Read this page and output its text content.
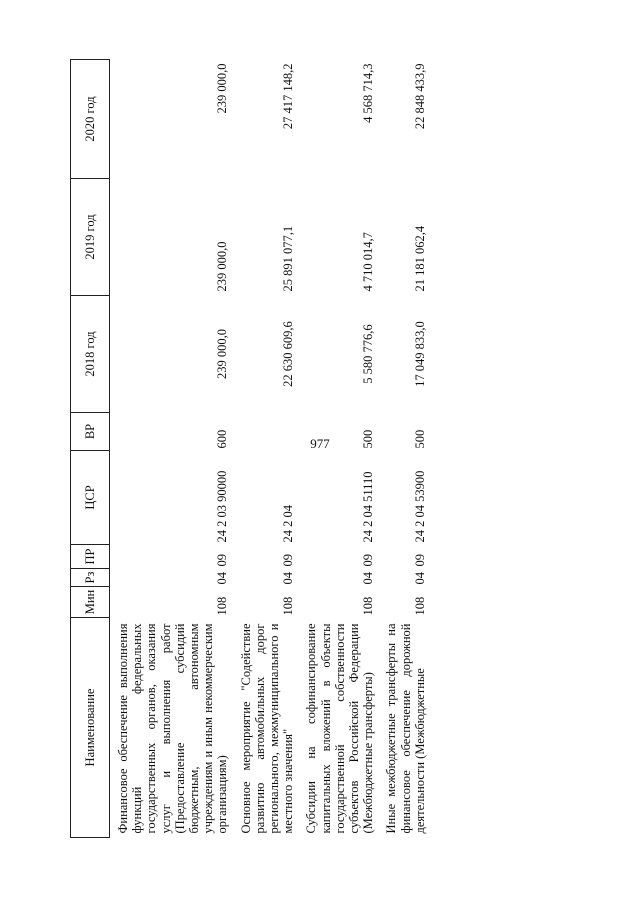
977
Наименование	Мин	Рз	ПР	ЦСР	ВР	2018 год	2019 год	2020 год
Финансовое обеспечение выполнения функций федеральных государственных органов, оказания услуг и выполнения работ (Предоставление субсидий бюджетным, автономным учреждениям и иным некоммерческим организациям)	108	04	09	24 2 03 90000	600	239 000,0	239 000,0	239 000,0
Основное мероприятие "Содействие развитию автомобильных дорог регионального, межмуниципального и местного значения"	108	04	09	24 2 04		22 630 609,6	25 891 077,1	27 417 148,2
Субсидии на софинансирование капитальных вложений в объекты государственной собственности субъектов Российской Федерации (Межбюджетные трансферты)	108	04	09	24 2 04 51110	500	5 580 776,6	4 710 014,7	4 568 714,3
Иные межбюджетные трансферты на финансовое обеспечение дорожной деятельности (Межбюджетные	108	04	09	24 2 04 53900	500	17 049 833,0	21 181 062,4	22 848 433,9
